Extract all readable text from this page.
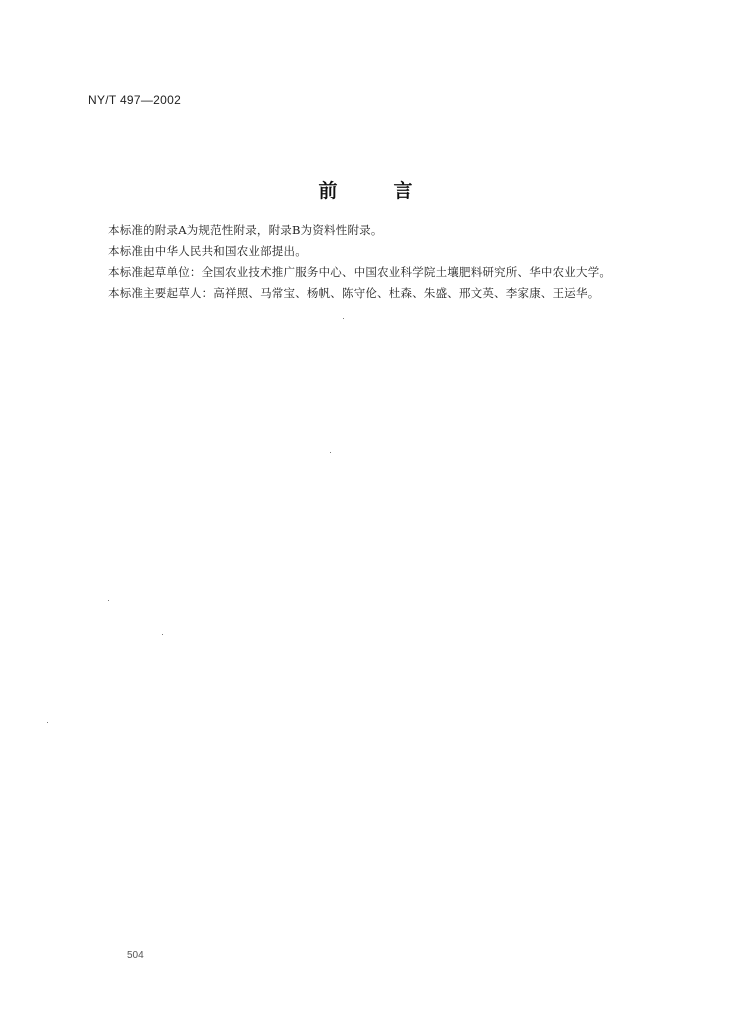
NY/T 497—2002
前言
本标准的附录A为规范性附录，附录B为资料性附录。
本标准由中华人民共和国农业部提出。
本标准起草单位：全国农业技术推广服务中心、中国农业科学院土壤肥料研究所、华中农业大学。
本标准主要起草人：高祥照、马常宝、杨帆、陈守伦、杜森、朱盛、邢文英、李家康、王运华。
504
